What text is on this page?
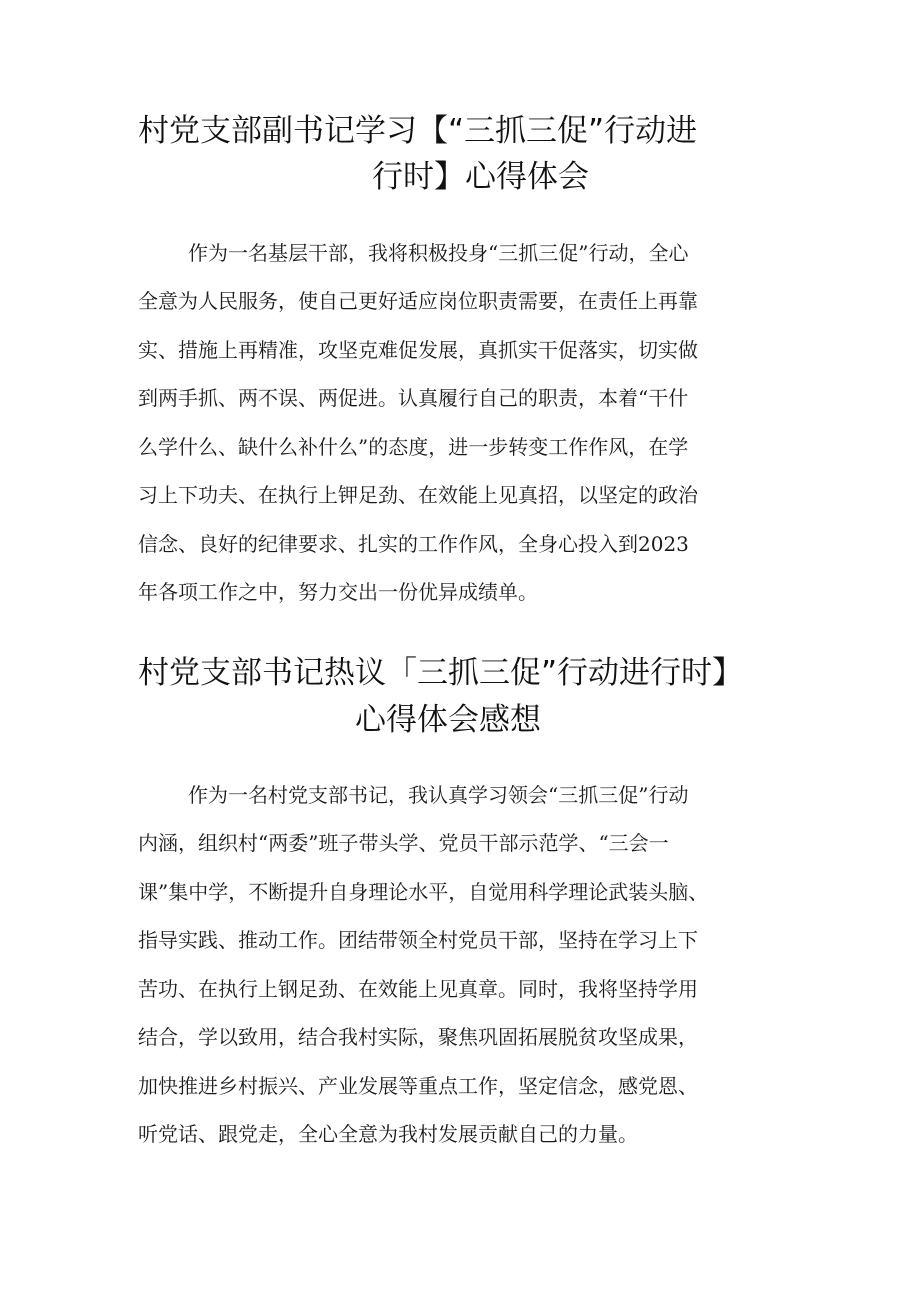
村党支部副书记学习【“三抓三促”行动进
行时】心得体会

作为一名基层干部，我将积极投身“三抓三促”行动，全心

全意为人民服务，使自己更好适应岗位职责需要，在责任上再靠

实、措施上再精准，攻坚克难促发展，真抓实干促落实，切实做

到两手抓、两不误、两促进。认真履行自己的职责，本着“干什

么学什么、缺什么补什么”的态度，进一步转变工作作风，在学

习上下功夫、在执行上钾足劲、在效能上见真招，以坚定的政治

信念、良好的纪律要求、扎实的工作作风，全身心投入到2023

年各项工作之中，努力交出一份优异成绩单。

村党支部书记热议「三抓三促”行动进行时】
心得体会感想

作为一名村党支部书记，我认真学习领会“三抓三促”行动

内涵，组织村“两委”班子带头学、党员干部示范学、“三会一

课”集中学，不断提升自身理论水平，自觉用科学理论武装头脑、

指导实践、推动工作。团结带领全村党员干部，坚持在学习上下

苦功、在执行上钢足劲、在效能上见真章。同时，我将坚持学用

结合，学以致用，结合我村实际，聚焦巩固拓展脱贫攻坚成果，

加快推进乡村振兴、产业发展等重点工作，坚定信念，感党恩、

听党话、跟党走，全心全意为我村发展贡献自己的力量。
